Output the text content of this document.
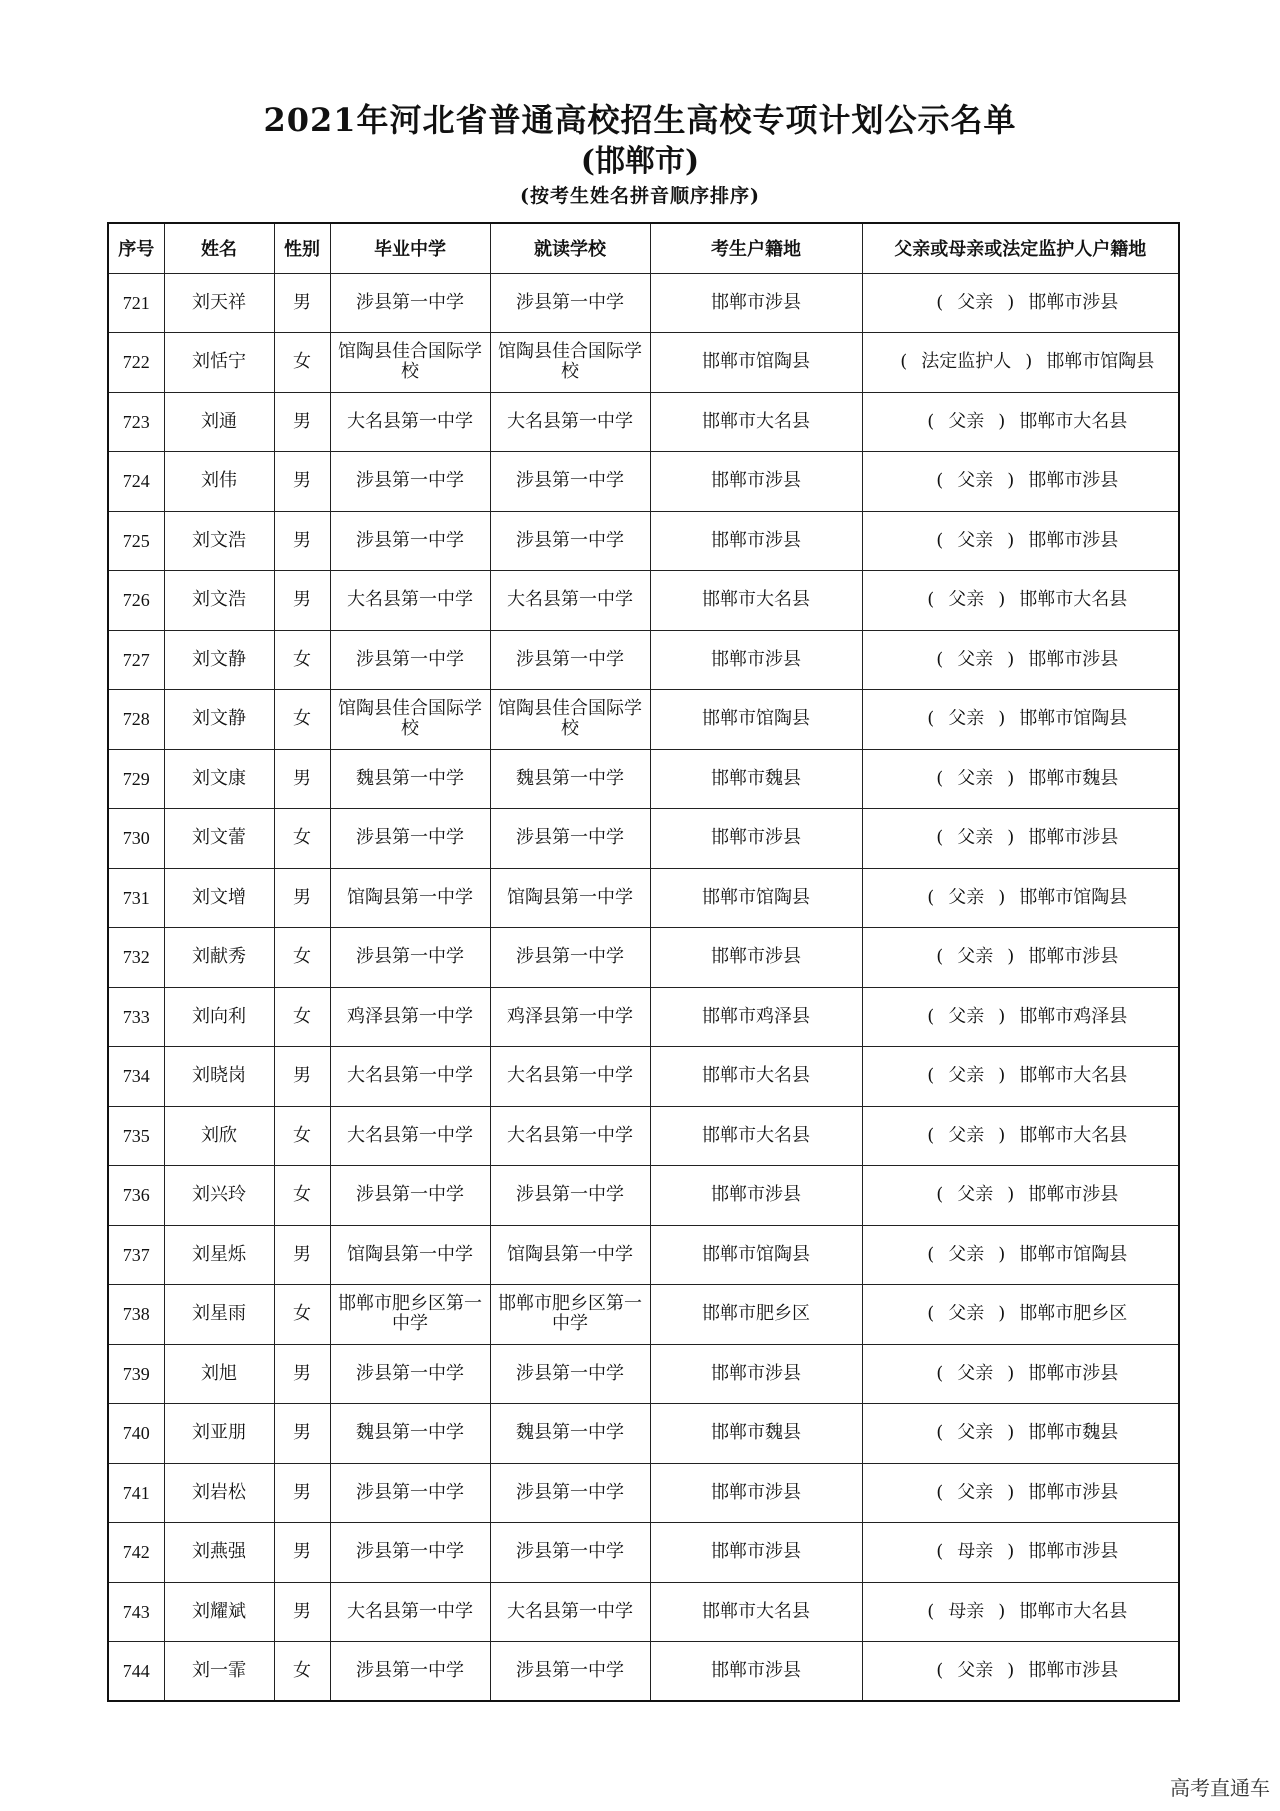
2021年河北省普通高校招生高校专项计划公示名单
(邯郸市)
(按考生姓名拼音顺序排序)
序号	姓名	性别	毕业中学	就读学校	考生户籍地	父亲或母亲或法定监护人户籍地
721	刘天祥	男	涉县第一中学	涉县第一中学	邯郸市涉县	( 父亲 ) 邯郸市涉县
722	刘恬宁	女	馆陶县佳合国际学校	馆陶县佳合国际学校	邯郸市馆陶县	( 法定监护人 ) 邯郸市馆陶县
723	刘通	男	大名县第一中学	大名县第一中学	邯郸市大名县	( 父亲 ) 邯郸市大名县
724	刘伟	男	涉县第一中学	涉县第一中学	邯郸市涉县	( 父亲 ) 邯郸市涉县
725	刘文浩	男	涉县第一中学	涉县第一中学	邯郸市涉县	( 父亲 ) 邯郸市涉县
726	刘文浩	男	大名县第一中学	大名县第一中学	邯郸市大名县	( 父亲 ) 邯郸市大名县
727	刘文静	女	涉县第一中学	涉县第一中学	邯郸市涉县	( 父亲 ) 邯郸市涉县
728	刘文静	女	馆陶县佳合国际学校	馆陶县佳合国际学校	邯郸市馆陶县	( 父亲 ) 邯郸市馆陶县
729	刘文康	男	魏县第一中学	魏县第一中学	邯郸市魏县	( 父亲 ) 邯郸市魏县
730	刘文蕾	女	涉县第一中学	涉县第一中学	邯郸市涉县	( 父亲 ) 邯郸市涉县
731	刘文增	男	馆陶县第一中学	馆陶县第一中学	邯郸市馆陶县	( 父亲 ) 邯郸市馆陶县
732	刘献秀	女	涉县第一中学	涉县第一中学	邯郸市涉县	( 父亲 ) 邯郸市涉县
733	刘向利	女	鸡泽县第一中学	鸡泽县第一中学	邯郸市鸡泽县	( 父亲 ) 邯郸市鸡泽县
734	刘晓岗	男	大名县第一中学	大名县第一中学	邯郸市大名县	( 父亲 ) 邯郸市大名县
735	刘欣	女	大名县第一中学	大名县第一中学	邯郸市大名县	( 父亲 ) 邯郸市大名县
736	刘兴玲	女	涉县第一中学	涉县第一中学	邯郸市涉县	( 父亲 ) 邯郸市涉县
737	刘星烁	男	馆陶县第一中学	馆陶县第一中学	邯郸市馆陶县	( 父亲 ) 邯郸市馆陶县
738	刘星雨	女	邯郸市肥乡区第一中学	邯郸市肥乡区第一中学	邯郸市肥乡区	( 父亲 ) 邯郸市肥乡区
739	刘旭	男	涉县第一中学	涉县第一中学	邯郸市涉县	( 父亲 ) 邯郸市涉县
740	刘亚朋	男	魏县第一中学	魏县第一中学	邯郸市魏县	( 父亲 ) 邯郸市魏县
741	刘岩松	男	涉县第一中学	涉县第一中学	邯郸市涉县	( 父亲 ) 邯郸市涉县
742	刘燕强	男	涉县第一中学	涉县第一中学	邯郸市涉县	( 母亲 ) 邯郸市涉县
743	刘耀斌	男	大名县第一中学	大名县第一中学	邯郸市大名县	( 母亲 ) 邯郸市大名县
744	刘一霏	女	涉县第一中学	涉县第一中学	邯郸市涉县	( 父亲 ) 邯郸市涉县
高考直通车
